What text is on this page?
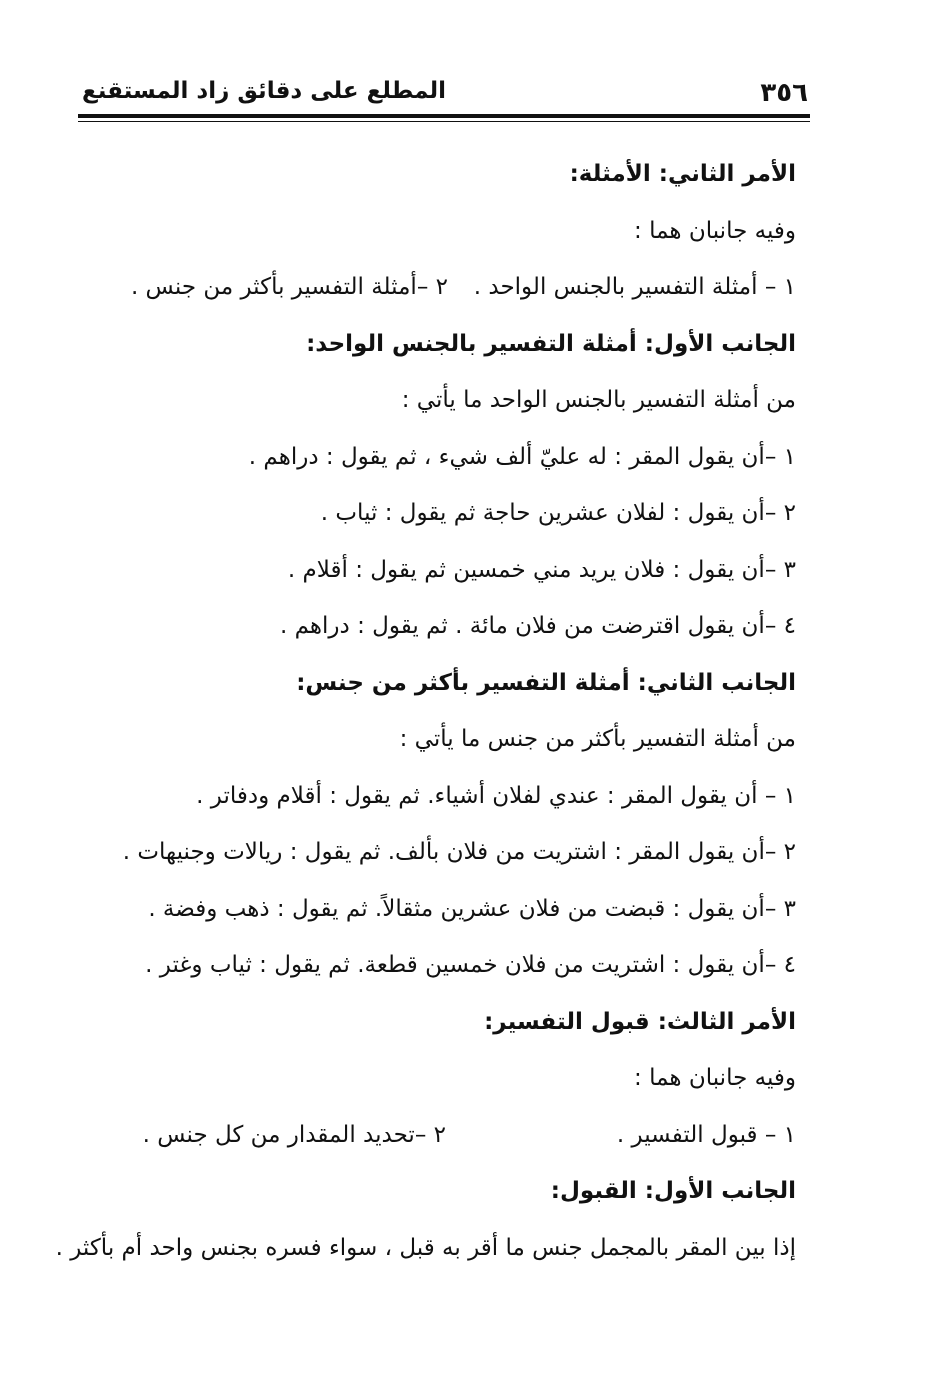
٣٥٦
المطلع على دقائق زاد المستقنع
الأمر الثاني: الأمثلة:
وفيه جانبان هما :
١ – أمثلة التفسير بالجنس الواحد .
٢ –أمثلة التفسير بأكثر من جنس .
الجانب الأول: أمثلة التفسير بالجنس الواحد:
من أمثلة التفسير بالجنس الواحد ما يأتي :
١ –أن يقول المقر : له عليّ ألف شيء ، ثم يقول : دراهم .
٢ –أن يقول : لفلان عشرين حاجة ثم يقول : ثياب .
٣ –أن يقول : فلان يريد مني خمسين ثم يقول : أقلام .
٤ –أن يقول اقترضت من فلان مائة . ثم يقول : دراهم .
الجانب الثاني: أمثلة التفسير بأكثر من جنس:
من أمثلة التفسير بأكثر من جنس ما يأتي :
١ – أن يقول المقر : عندي لفلان أشياء. ثم يقول : أقلام ودفاتر .
٢ –أن يقول المقر : اشتريت من فلان بألف. ثم يقول : ريالات وجنيهات .
٣ –أن يقول : قبضت من فلان عشرين مثقالاً. ثم يقول : ذهب وفضة .
٤ –أن يقول : اشتريت من فلان خمسين قطعة. ثم يقول : ثياب وغتر .
الأمر الثالث: قبول التفسير:
وفيه جانبان هما :
١ – قبول التفسير .
٢ –تحديد المقدار من كل جنس .
الجانب الأول: القبول:
إذا بين المقر بالمجمل جنس ما أقر به قبل ، سواء فسره بجنس واحد أم بأكثر .
